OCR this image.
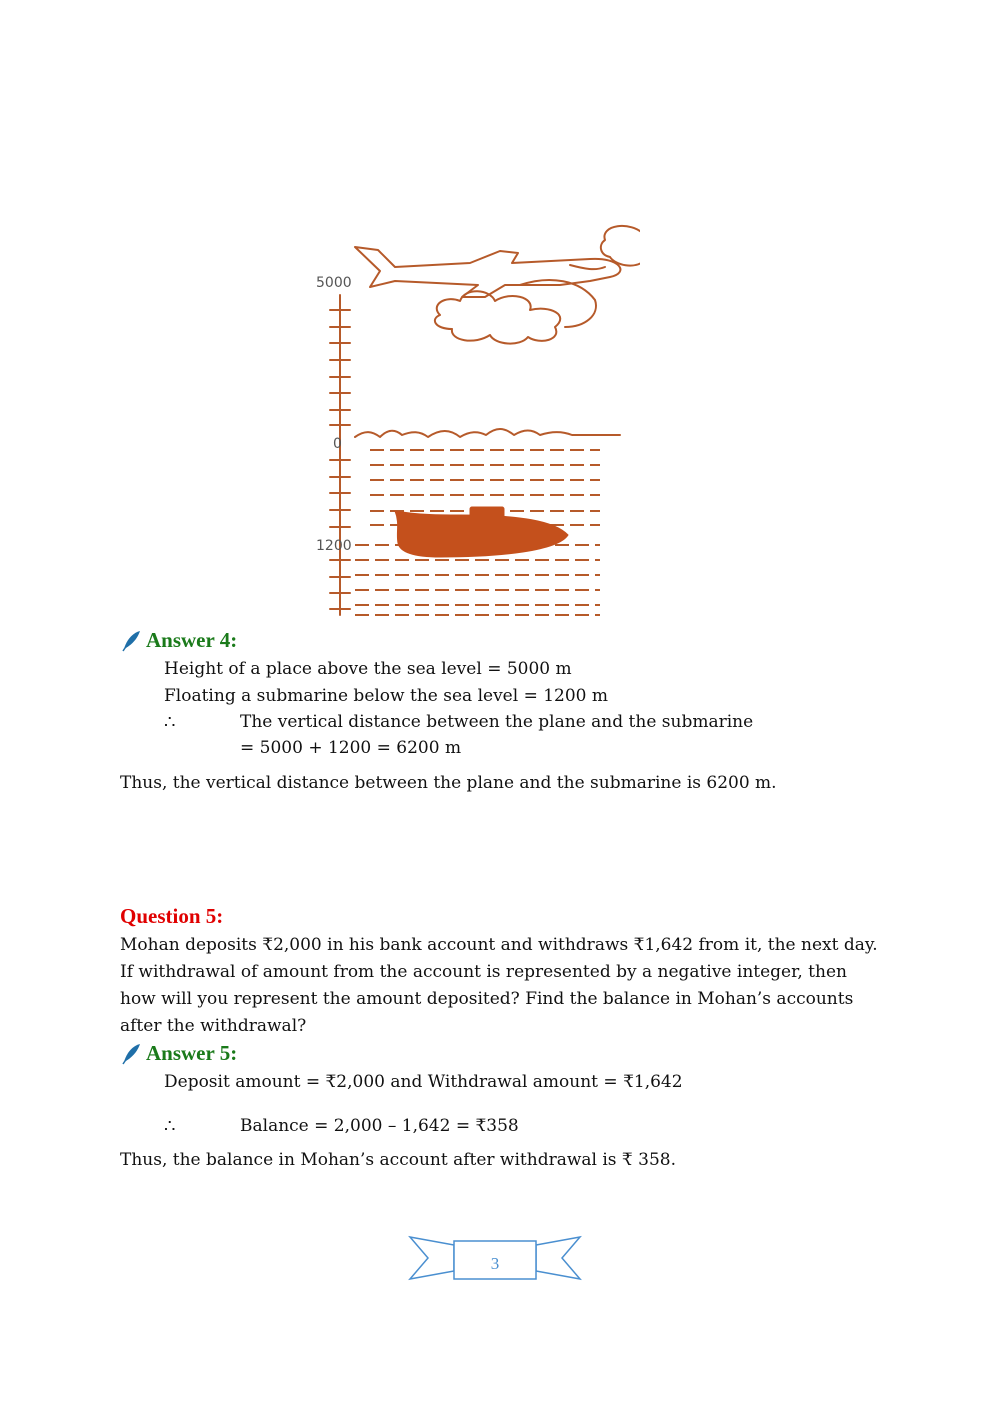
5000
0
1200
Answer 4:
Height of a place above the sea level = 5000 m
Floating a submarine below the sea level = 1200 m
∴	The vertical distance between the plane and the submarine
= 5000 + 1200 = 6200 m
Thus, the vertical distance between the plane and the submarine is 6200 m.
Question 5:
Mohan deposits ₹2,000 in his bank account and withdraws ₹1,642 from it, the next day. If withdrawal of amount from the account is represented by a negative integer, then how will you represent the amount deposited? Find the balance in Mohan’s accounts after the withdrawal?
Answer 5:
Deposit amount = ₹2,000 and Withdrawal amount = ₹1,642
∴	Balance = 2,000 – 1,642 = ₹358
Thus, the balance in Mohan’s account after withdrawal is ₹ 358.
3
